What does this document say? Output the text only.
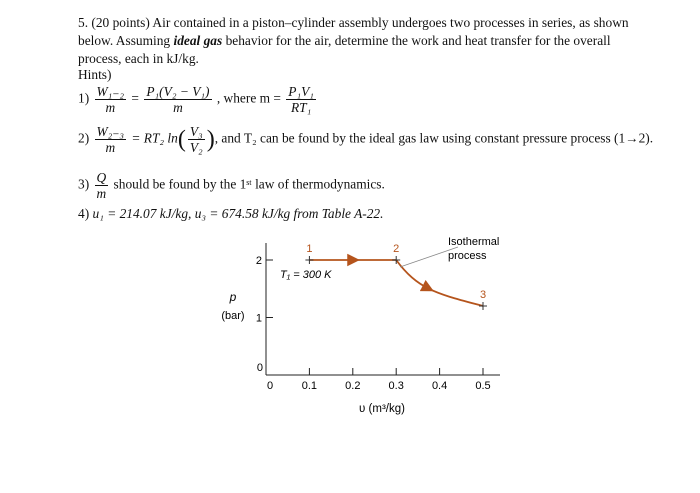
5. (20 points) Air contained in a piston–cylinder assembly undergoes two processes in series, as shown below. Assuming ideal gas behavior for the air, determine the work and heat transfer for the overall process, each in kJ/kg.

Hints)
$1) \frac{\text{W₁₋₂}}{m} = \frac{\text{P₁(V₂ − V₁)}}{m}$ , where $m = \frac{\text{P₁V₁}}{\text{RT₁}}$
$2) \frac{\text{W₂₋₃}}{m} = RT_2$ $\ln( \frac{\text{V₃}}{\text{V₂}}$ ), and T₂ can be found by the ideal gas law using constant pressure process (1→2).
$3) \frac{Q}{m}$ should be found by the 1ˢᵗ law of thermodynamics.
4) u₁ = 214.07 kJ/kg, u₃ = 674.58 kJ/kg from Table A-22.
0
1
2
0	0.1	0.2	0.3	0.4	0.5
p
(bar)
υ (m³/kg)
1	2
3
T₁ = 300 K
Isothermal process
